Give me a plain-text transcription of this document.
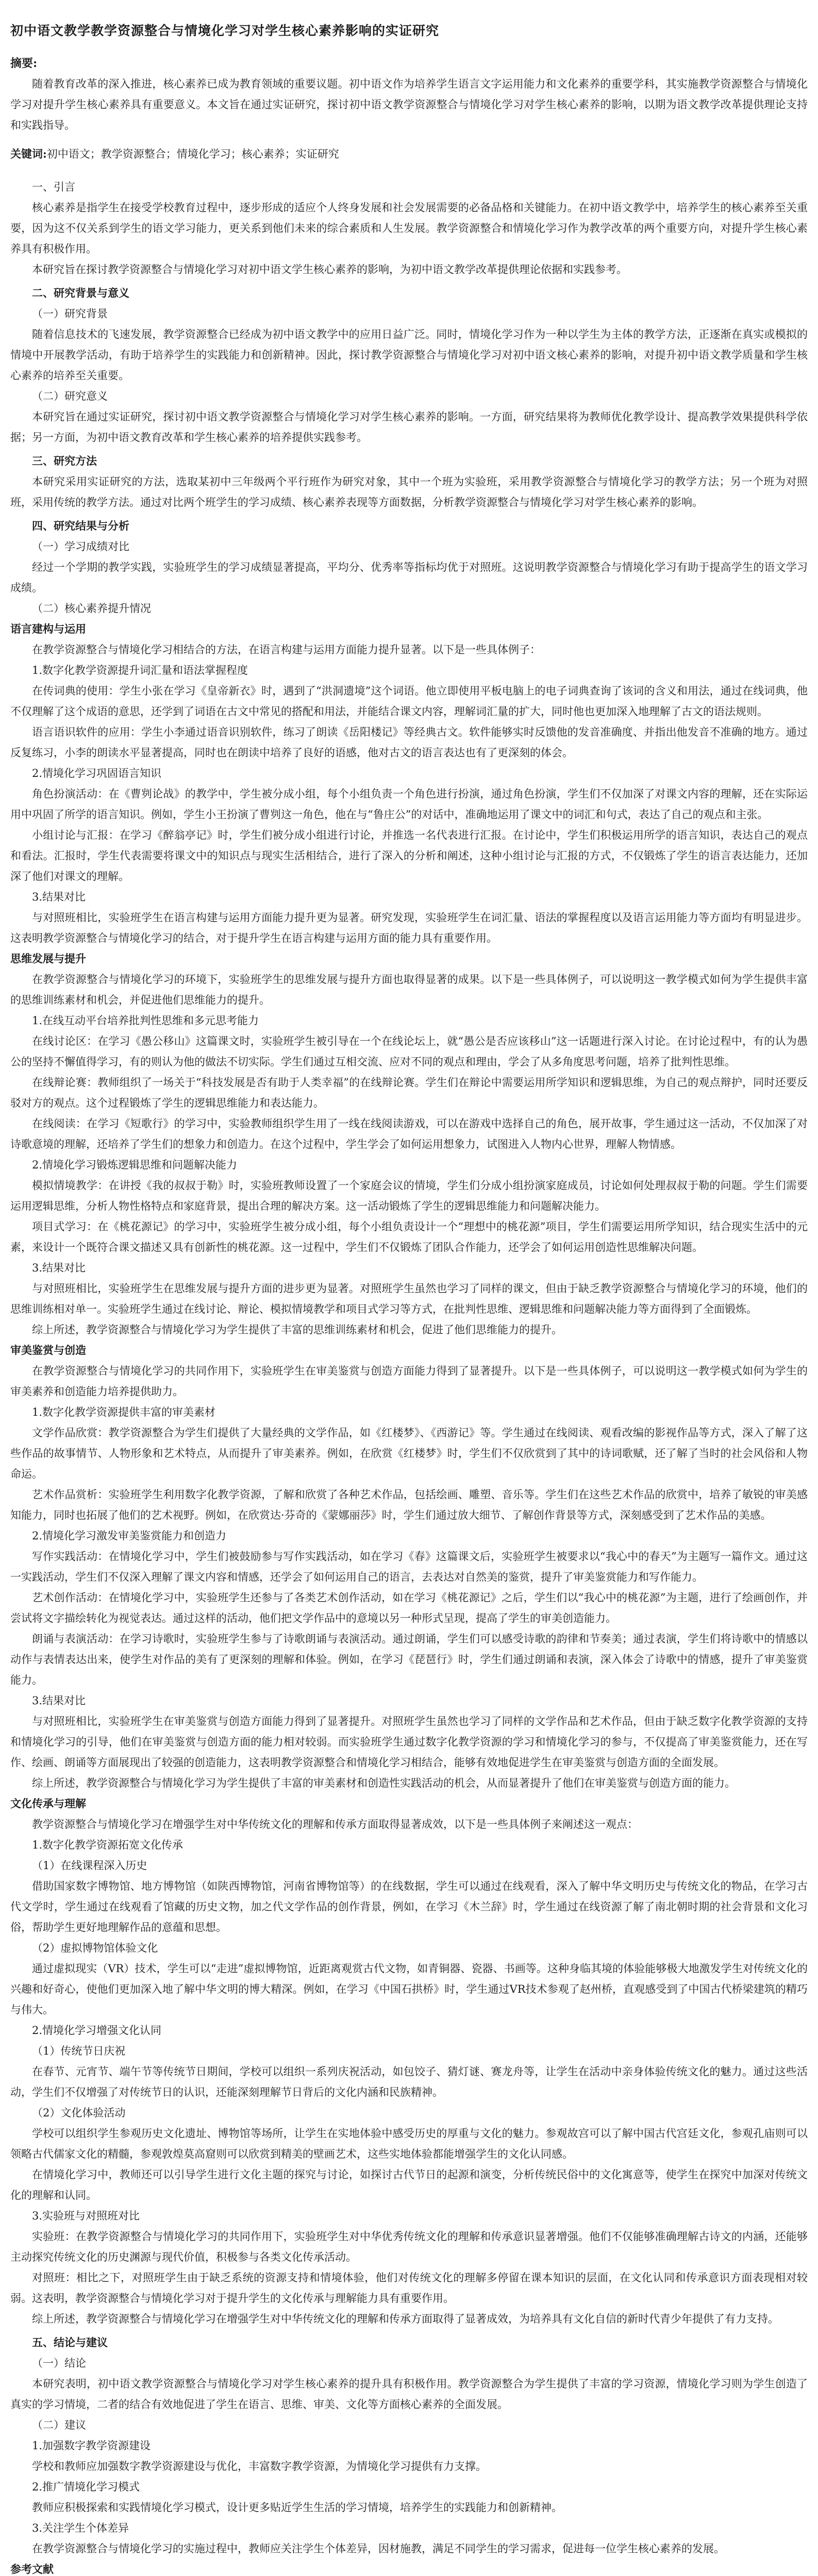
初中语文教学教学资源整合与情境化学习对学生核心素养影响的实证研究
摘要:

随着教育改革的深入推进，核心素养已成为教育领域的重要议题。初中语文作为培养学生语言文字运用能力和文化素养的重要学科，其实施教学资源整合与情境化学习对提升学生核心素养具有重要意义。本文旨在通过实证研究，探讨初中语文教学资源整合与情境化学习对学生核心素养的影响，以期为语文教学改革提供理论支持和实践指导。

关键词:初中语文；教学资源整合；情境化学习；核心素养；实证研究

一、引言

核心素养是指学生在接受学校教育过程中，逐步形成的适应个人终身发展和社会发展需要的必备品格和关键能力。在初中语文教学中，培养学生的核心素养至关重要，因为这不仅关系到学生的语文学习能力，更关系到他们未来的综合素质和人生发展。教学资源整合和情境化学习作为教学改革的两个重要方向，对提升学生核心素养具有积极作用。

本研究旨在探讨教学资源整合与情境化学习对初中语文学生核心素养的影响，为初中语文教学改革提供理论依据和实践参考。

二、研究背景与意义

（一）研究背景

随着信息技术的飞速发展，教学资源整合已经成为初中语文教学中的应用日益广泛。同时，情境化学习作为一种以学生为主体的教学方法，正逐渐在真实或模拟的情境中开展教学活动，有助于培养学生的实践能力和创新精神。因此，探讨教学资源整合与情境化学习对初中语文核心素养的影响，对提升初中语文教学质量和学生核心素养的培养至关重要。

（二）研究意义

本研究旨在通过实证研究，探讨初中语文教学资源整合与情境化学习对学生核心素养的影响。一方面，研究结果将为教师优化教学设计、提高教学效果提供科学依据；另一方面，为初中语文教育改革和学生核心素养的培养提供实践参考。

三、研究方法

本研究采用实证研究的方法，选取某初中三年级两个平行班作为研究对象，其中一个班为实验班，采用教学资源整合与情境化学习的教学方法；另一个班为对照班，采用传统的教学方法。通过对比两个班学生的学习成绩、核心素养表现等方面数据，分析教学资源整合与情境化学习对学生核心素养的影响。

四、研究结果与分析

（一）学习成绩对比

经过一个学期的教学实践，实验班学生的学习成绩显著提高，平均分、优秀率等指标均优于对照班。这说明教学资源整合与情境化学习有助于提高学生的语文学习成绩。

（二）核心素养提升情况

语言建构与运用

在教学资源整合与情境化学习相结合的方法，在语言构建与运用方面能力提升显著。以下是一些具体例子：

1.数字化教学资源提升词汇量和语法掌握程度

在传词典的使用：学生小张在学习《皇帝新衣》时，遇到了“洪洞遗境”这个词语。他立即使用平板电脑上的电子词典查询了该词的含义和用法，通过在线词典，他不仅理解了这个成语的意思，还学到了词语在古文中常见的搭配和用法，并能结合课文内容，理解词汇量的扩大，同时他也更加深入地理解了古文的语法规则。

语言语识软件的应用：学生小李通过语音识别软件，练习了朗读《岳阳楼记》等经典古文。软件能够实时反馈他的发音准确度、并指出他发音不准确的地方。通过反复练习，小李的朗读水平显著提高，同时也在朗读中培养了良好的语感，他对古文的语言表达也有了更深刻的体会。

2.情境化学习巩固语言知识

角色扮演活动：在《曹刿论战》的教学中，学生被分成小组，每个小组负责一个角色进行扮演，通过角色扮演，学生们不仅加深了对课文内容的理解，还在实际运用中巩固了所学的语言知识。例如，学生小王扮演了曹刿这一角色，他在与“鲁庄公”的对话中，准确地运用了课文中的词汇和句式，表达了自己的观点和主张。

小组讨论与汇报：在学习《醉翁亭记》时，学生们被分成小组进行讨论，并推选一名代表进行汇报。在讨论中，学生们积极运用所学的语言知识，表达自己的观点和看法。汇报时，学生代表需要将课文中的知识点与现实生活相结合，进行了深入的分析和阐述，这种小组讨论与汇报的方式，不仅锻炼了学生的语言表达能力，还加深了他们对课文的理解。

3.结果对比

与对照班相比，实验班学生在语言构建与运用方面能力提升更为显著。研究发现，实验班学生在词汇量、语法的掌握程度以及语言运用能力等方面均有明显进步。这表明教学资源整合与情境化学习的结合，对于提升学生在语言构建与运用方面的能力具有重要作用。

思维发展与提升

在教学资源整合与情境化学习的环境下，实验班学生的思维发展与提升方面也取得显著的成果。以下是一些具体例子，可以说明这一教学模式如何为学生提供丰富的思维训练素材和机会，并促进他们思维能力的提升。

1.在线互动平台培养批判性思维和多元思考能力

在线讨论区：在学习《愚公移山》这篇课文时，实验班学生被引导在一个在线论坛上，就“愚公是否应该移山”这一话题进行深入讨论。在讨论过程中，有的认为愚公的坚持不懈值得学习，有的则认为他的做法不切实际。学生们通过互相交流、应对不同的观点和理由，学会了从多角度思考问题，培养了批判性思维。

在线辩论赛：教师组织了一场关于“科技发展是否有助于人类幸福”的在线辩论赛。学生们在辩论中需要运用所学知识和逻辑思维，为自己的观点辩护，同时还要反驳对方的观点。这个过程锻炼了学生的逻辑思维能力和表达能力。

在线阅读：在学习《短歌行》的学习中，实验教师组织学生用了一线在线阅读游戏，可以在游戏中选择自己的角色，展开故事，学生通过这一活动，不仅加深了对诗歌意境的理解，还培养了学生们的想象力和创造力。在这个过程中，学生学会了如何运用想象力，试图进入人物内心世界，理解人物情感。

2.情境化学习锻炼逻辑思维和问题解决能力

模拟情境教学：在讲授《我的叔叔于勒》时，实验班教师设置了一个家庭会议的情境，学生们分成小组扮演家庭成员，讨论如何处理叔叔于勒的问题。学生们需要运用逻辑思维，分析人物性格特点和家庭背景，提出合理的解决方案。这一活动锻炼了学生的逻辑思维能力和问题解决能力。

项目式学习：在《桃花源记》的学习中，实验班学生被分成小组，每个小组负责设计一个“理想中的桃花源”项目，学生们需要运用所学知识，结合现实生活中的元素，来设计一个既符合课文描述又具有创新性的桃花源。这一过程中，学生们不仅锻炼了团队合作能力，还学会了如何运用创造性思维解决问题。

3.结果对比

与对照班相比，实验班学生在思维发展与提升方面的进步更为显著。对照班学生虽然也学习了同样的课文，但由于缺乏教学资源整合与情境化学习的环境，他们的思维训练相对单一。实验班学生通过在线讨论、辩论、模拟情境教学和项目式学习等方式，在批判性思维、逻辑思维和问题解决能力等方面得到了全面锻炼。

综上所述，教学资源整合与情境化学习为学生提供了丰富的思维训练素材和机会，促进了他们思维能力的提升。

审美鉴赏与创造

在教学资源整合与情境化学习的共同作用下，实验班学生在审美鉴赏与创造方面能力得到了显著提升。以下是一些具体例子，可以说明这一教学模式如何为学生的审美素养和创造能力培养提供助力。

1.数字化教学资源提供丰富的审美素材

文学作品欣赏：教学资源整合为学生们提供了大量经典的文学作品，如《红楼梦》、《西游记》等。学生通过在线阅读、观看改编的影视作品等方式，深入了解了这些作品的故事情节、人物形象和艺术特点，从而提升了审美素养。例如，在欣赏《红楼梦》时，学生们不仅欣赏到了其中的诗词歌赋，还了解了当时的社会风俗和人物命运。

艺术作品赏析：实验班学生利用数字化教学资源，了解和欣赏了各种艺术作品，包括绘画、雕塑、音乐等。学生们在这些艺术作品的欣赏中，培养了敏锐的审美感知能力，同时也拓展了他们的艺术视野。例如，在欣赏达·芬奇的《蒙娜丽莎》时，学生们通过放大细节、了解创作背景等方式，深刻感受到了艺术作品的美感。

2.情境化学习激发审美鉴赏能力和创造力

写作实践活动：在情境化学习中，学生们被鼓励参与写作实践活动，如在学习《春》这篇课文后，实验班学生被要求以“我心中的春天”为主题写一篇作文。通过这一实践活动，学生们不仅深入理解了课文内容和情感，还学会了如何运用自己的语言，去表达对自然美的鉴赏，提升了审美鉴赏能力和写作能力。

艺术创作活动：在情境化学习中，实验班学生还参与了各类艺术创作活动，如在学习《桃花源记》之后，学生们以“我心中的桃花源”为主题，进行了绘画创作，并尝试将文字描绘转化为视觉表达。通过这样的活动，他们把文学作品中的意境以另一种形式呈现，提高了学生的审美创造能力。

朗诵与表演活动：在学习诗歌时，实验班学生参与了诗歌朗诵与表演活动。通过朗诵，学生们可以感受诗歌的韵律和节奏美；通过表演，学生们将诗歌中的情感以动作与表情表达出来，使学生对作品的美有了更深刻的理解和体验。例如，在学习《琵琶行》时，学生们通过朗诵和表演，深入体会了诗歌中的情感，提升了审美鉴赏能力。

3.结果对比

与对照班相比，实验班学生在审美鉴赏与创造方面能力得到了显著提升。对照班学生虽然也学习了同样的文学作品和艺术作品，但由于缺乏数字化教学资源的支持和情境化学习的引导，他们在审美鉴赏与创造方面的能力相对较弱。而实验班学生通过数字化教学资源的学习和情境化学习的参与，不仅提高了审美鉴赏能力，还在写作、绘画、朗诵等方面展现出了较强的创造能力，这表明教学资源整合和情境化学习相结合，能够有效地促进学生在审美鉴赏与创造方面的全面发展。

综上所述，教学资源整合与情境化学习为学生提供了丰富的审美素材和创造性实践活动的机会，从而显著提升了他们在审美鉴赏与创造方面的能力。

文化传承与理解

教学资源整合与情境化学习在增强学生对中华传统文化的理解和传承方面取得显著成效，以下是一些具体例子来阐述这一观点：

1.数字化教学资源拓宽文化传承

（1）在线课程深入历史

借助国家数字博物馆、地方博物馆（如陕西博物馆，河南省博物馆等）的在线数据，学生可以通过在线观看，深入了解中华文明历史与传统文化的物品，在学习古代文学时，学生通过在线观看了馆藏的历史文物，加之代文学作品的创作背景，例如，在学习《木兰辞》时，学生通过在线资源了解了南北朝时期的社会背景和文化习俗，帮助学生更好地理解作品的意蕴和思想。

（2）虚拟博物馆体验文化

通过虚拟现实（VR）技术，学生可以“走进”虚拟博物馆，近距离观赏古代文物，如青铜器、瓷器、书画等。这种身临其境的体验能够极大地激发学生对传统文化的兴趣和好奇心，使他们更加深入地了解中华文明的博大精深。例如，在学习《中国石拱桥》时，学生通过VR技术参观了赵州桥，直观感受到了中国古代桥梁建筑的精巧与伟大。

2.情境化学习增强文化认同

（1）传统节日庆祝

在春节、元宵节、端午节等传统节日期间，学校可以组织一系列庆祝活动，如包饺子、猜灯谜、赛龙舟等，让学生在活动中亲身体验传统文化的魅力。通过这些活动，学生们不仅增强了对传统节日的认识，还能深刻理解节日背后的文化内涵和民族精神。

（2）文化体验活动

学校可以组织学生参观历史文化遗址、博物馆等场所，让学生在实地体验中感受历史的厚重与文化的魅力。参观故宫可以了解中国古代宫廷文化，参观孔庙则可以领略古代儒家文化的精髓，参观敦煌莫高窟则可以欣赏到精美的壁画艺术，这些实地体验都能增强学生的文化认同感。

在情境化学习中，教师还可以引导学生进行文化主题的探究与讨论，如探讨古代节日的起源和演变，分析传统民俗中的文化寓意等，使学生在探究中加深对传统文化的理解和认同。

3.实验班与对照班对比

实验班：在教学资源整合与情境化学习的共同作用下，实验班学生对中华优秀传统文化的理解和传承意识显著增强。他们不仅能够准确理解古诗文的内涵，还能够主动探究传统文化的历史渊源与现代价值，积极参与各类文化传承活动。

对照班：相比之下，对照班学生由于缺乏系统的资源支持和情境体验，他们对传统文化的理解多停留在课本知识的层面，在文化认同和传承意识方面表现相对较弱。这表明，教学资源整合与情境化学习对于提升学生的文化传承与理解能力具有重要作用。

综上所述，教学资源整合与情境化学习在增强学生对中华传统文化的理解和传承方面取得了显著成效，为培养具有文化自信的新时代青少年提供了有力支持。

五、结论与建议

（一）结论

本研究表明，初中语文教学资源整合与情境化学习对学生核心素养的提升具有积极作用。教学资源整合为学生提供了丰富的学习资源，情境化学习则为学生创造了真实的学习情境，二者的结合有效地促进了学生在语言、思维、审美、文化等方面核心素养的全面发展。

（二）建议

1.加强数字教学资源建设

学校和教师应加强数字教学资源建设与优化，丰富数字教学资源，为情境化学习提供有力支撑。

2.推广情境化学习模式

教师应积极探索和实践情境化学习模式，设计更多贴近学生生活的学习情境，培养学生的实践能力和创新精神。

3.关注学生个体差异

在教学资源整合与情境化学习的实施过程中，教师应关注学生个体差异，因材施教，满足不同学生的学习需求，促进每一位学生核心素养的发展。

参考文献
